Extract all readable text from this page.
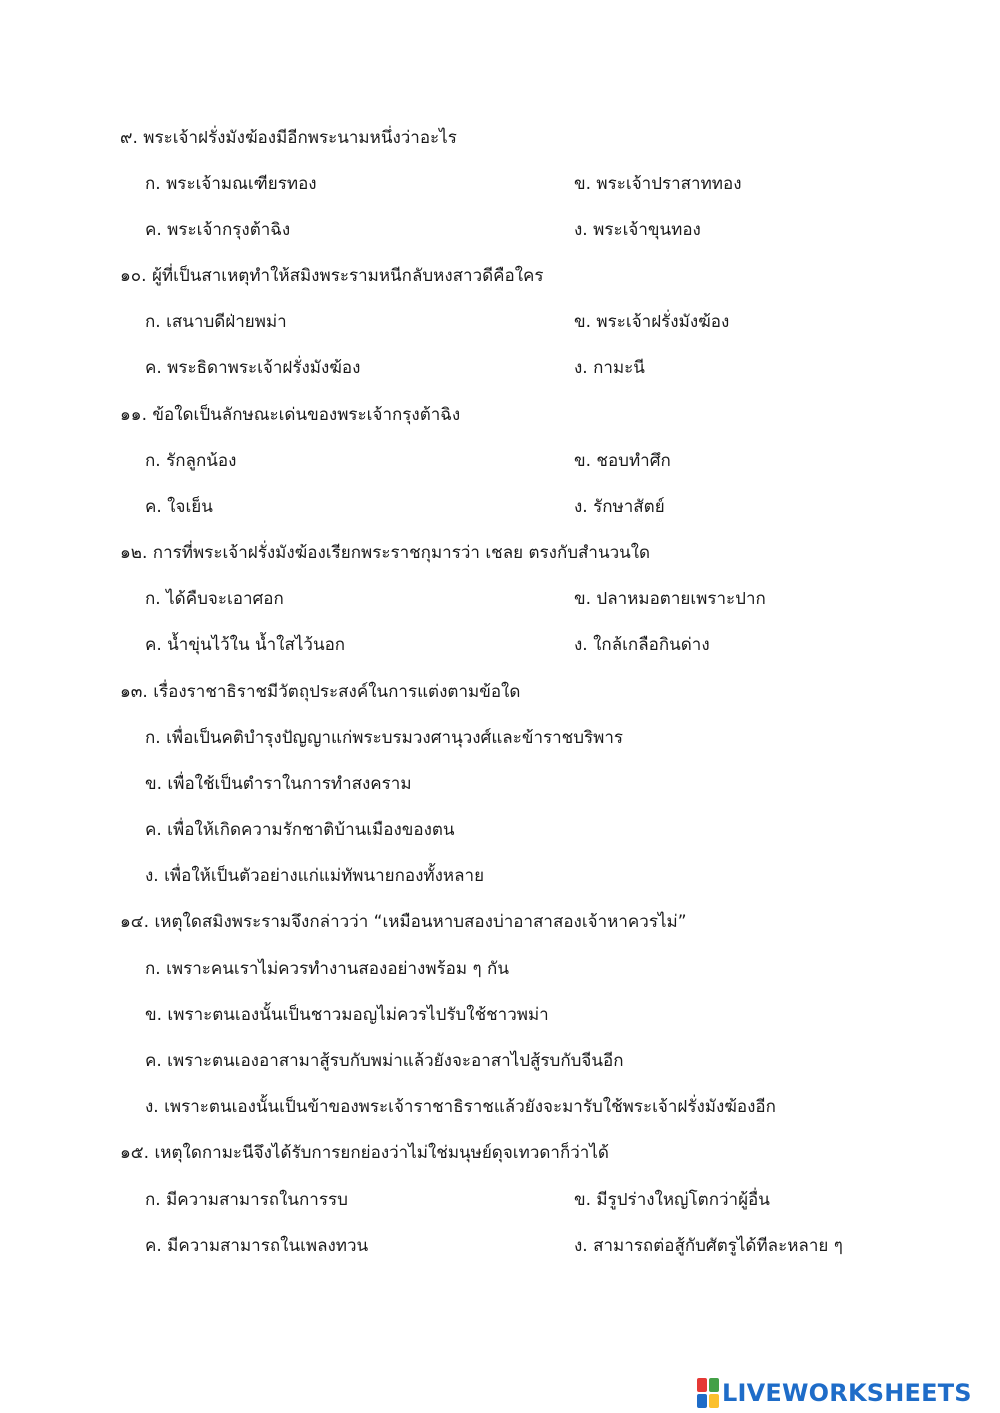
๙. พระเจ้าฝรั่งมังฆ้องมีอีกพระนามหนึ่งว่าอะไร

ก. พระเจ้ามณเฑียรทอง	ข. พระเจ้าปราสาททอง

ค. พระเจ้ากรุงต้าฉิง	ง. พระเจ้าขุนทอง

๑๐. ผู้ที่เป็นสาเหตุทำให้สมิงพระรามหนีกลับหงสาวดีคือใคร

ก. เสนาบดีฝ่ายพม่า	ข. พระเจ้าฝรั่งมังฆ้อง

ค. พระธิดาพระเจ้าฝรั่งมังฆ้อง	ง. กามะนี

๑๑. ข้อใดเป็นลักษณะเด่นของพระเจ้ากรุงต้าฉิง

ก. รักลูกน้อง	ข. ชอบทำศึก

ค. ใจเย็น	ง. รักษาสัตย์

๑๒. การที่พระเจ้าฝรั่งมังฆ้องเรียกพระราชกุมารว่า เชลย ตรงกับสำนวนใด

ก. ได้คืบจะเอาศอก	ข. ปลาหมอตายเพราะปาก

ค. น้ำขุ่นไว้ใน น้ำใสไว้นอก	ง. ใกล้เกลือกินด่าง

๑๓. เรื่องราชาธิราชมีวัตถุประสงค์ในการแต่งตามข้อใด

ก. เพื่อเป็นคติบำรุงปัญญาแก่พระบรมวงศานุวงศ์และข้าราชบริพาร

ข. เพื่อใช้เป็นตำราในการทำสงคราม

ค. เพื่อให้เกิดความรักชาติบ้านเมืองของตน

ง. เพื่อให้เป็นตัวอย่างแก่แม่ทัพนายกองทั้งหลาย

๑๔. เหตุใดสมิงพระรามจึงกล่าวว่า “เหมือนหาบสองบ่าอาสาสองเจ้าหาควรไม่”

ก. เพราะคนเราไม่ควรทำงานสองอย่างพร้อม ๆ กัน

ข. เพราะตนเองนั้นเป็นชาวมอญไม่ควรไปรับใช้ชาวพม่า

ค. เพราะตนเองอาสามาสู้รบกับพม่าแล้วยังจะอาสาไปสู้รบกับจีนอีก

ง. เพราะตนเองนั้นเป็นข้าของพระเจ้าราชาธิราชแล้วยังจะมารับใช้พระเจ้าฝรั่งมังฆ้องอีก

๑๕. เหตุใดกามะนีจึงได้รับการยกย่องว่าไม่ใช่มนุษย์ดุจเทวดาก็ว่าได้

ก. มีความสามารถในการรบ	ข. มีรูปร่างใหญ่โตกว่าผู้อื่น

ค. มีความสามารถในเพลงทวน	ง. สามารถต่อสู้กับศัตรูได้ทีละหลาย ๆ

LIVEWORKSHEETS
